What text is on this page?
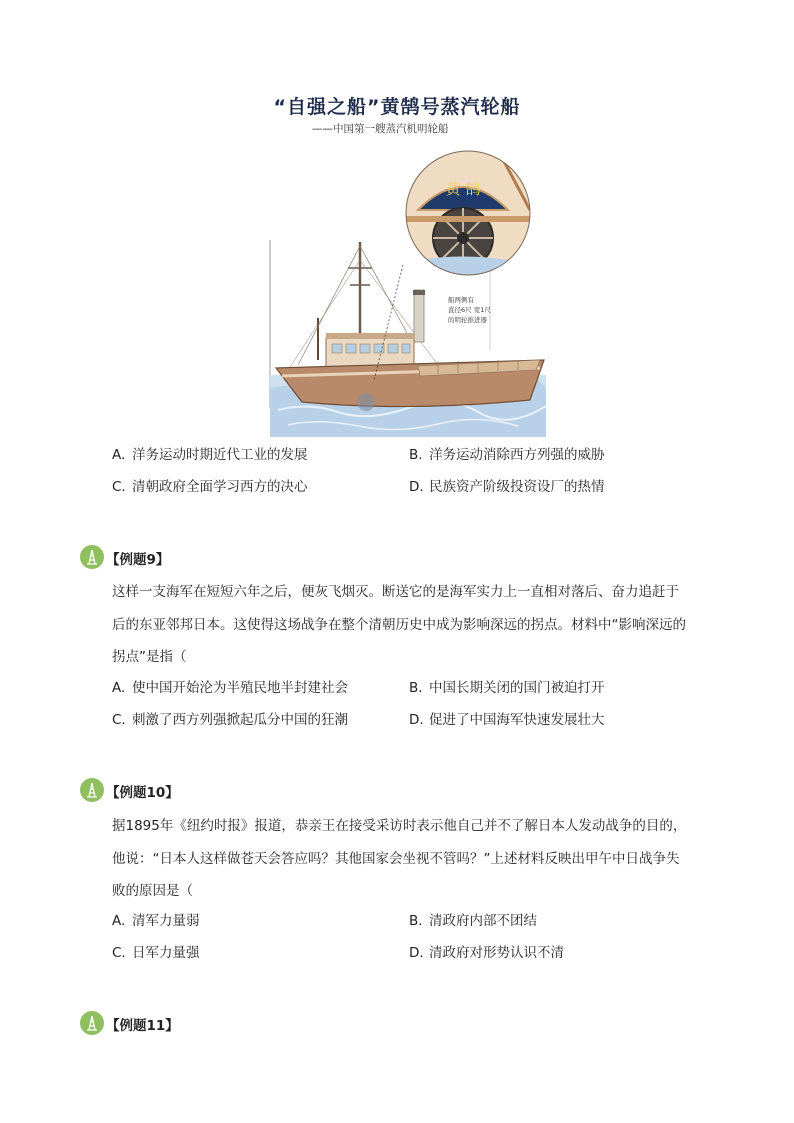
“自强之船”黄鹄号蒸汽轮船
——中国第一艘蒸汽机明轮船
黄 鹄
船两侧有
直径6尺 宽1尺
的明轮推进器
A. 洋务运动时期近代工业的发展	B. 洋务运动消除西方列强的威胁
C. 清朝政府全面学习西方的决心	D. 民族资产阶级投资设厂的热情
【例题9】
这样一支海军在短短六年之后，便灰飞烟灭。断送它的是海军实力上一直相对落后、奋力追赶于
后的东亚邻邦日本。这使得这场战争在整个清朝历史中成为影响深远的拐点。材料中“影响深远的
拐点”是指（
A. 使中国开始沦为半殖民地半封建社会	B. 中国长期关闭的国门被迫打开
C. 刺激了西方列强掀起瓜分中国的狂潮	D. 促进了中国海军快速发展壮大
【例题10】
据1895年《纽约时报》报道，恭亲王在接受采访时表示他自己并不了解日本人发动战争的目的，
他说：“日本人这样做苍天会答应吗？其他国家会坐视不管吗？”上述材料反映出甲午中日战争失
败的原因是（
A. 清军力量弱	B. 清政府内部不团结
C. 日军力量强	D. 清政府对形势认识不清
【例题11】
